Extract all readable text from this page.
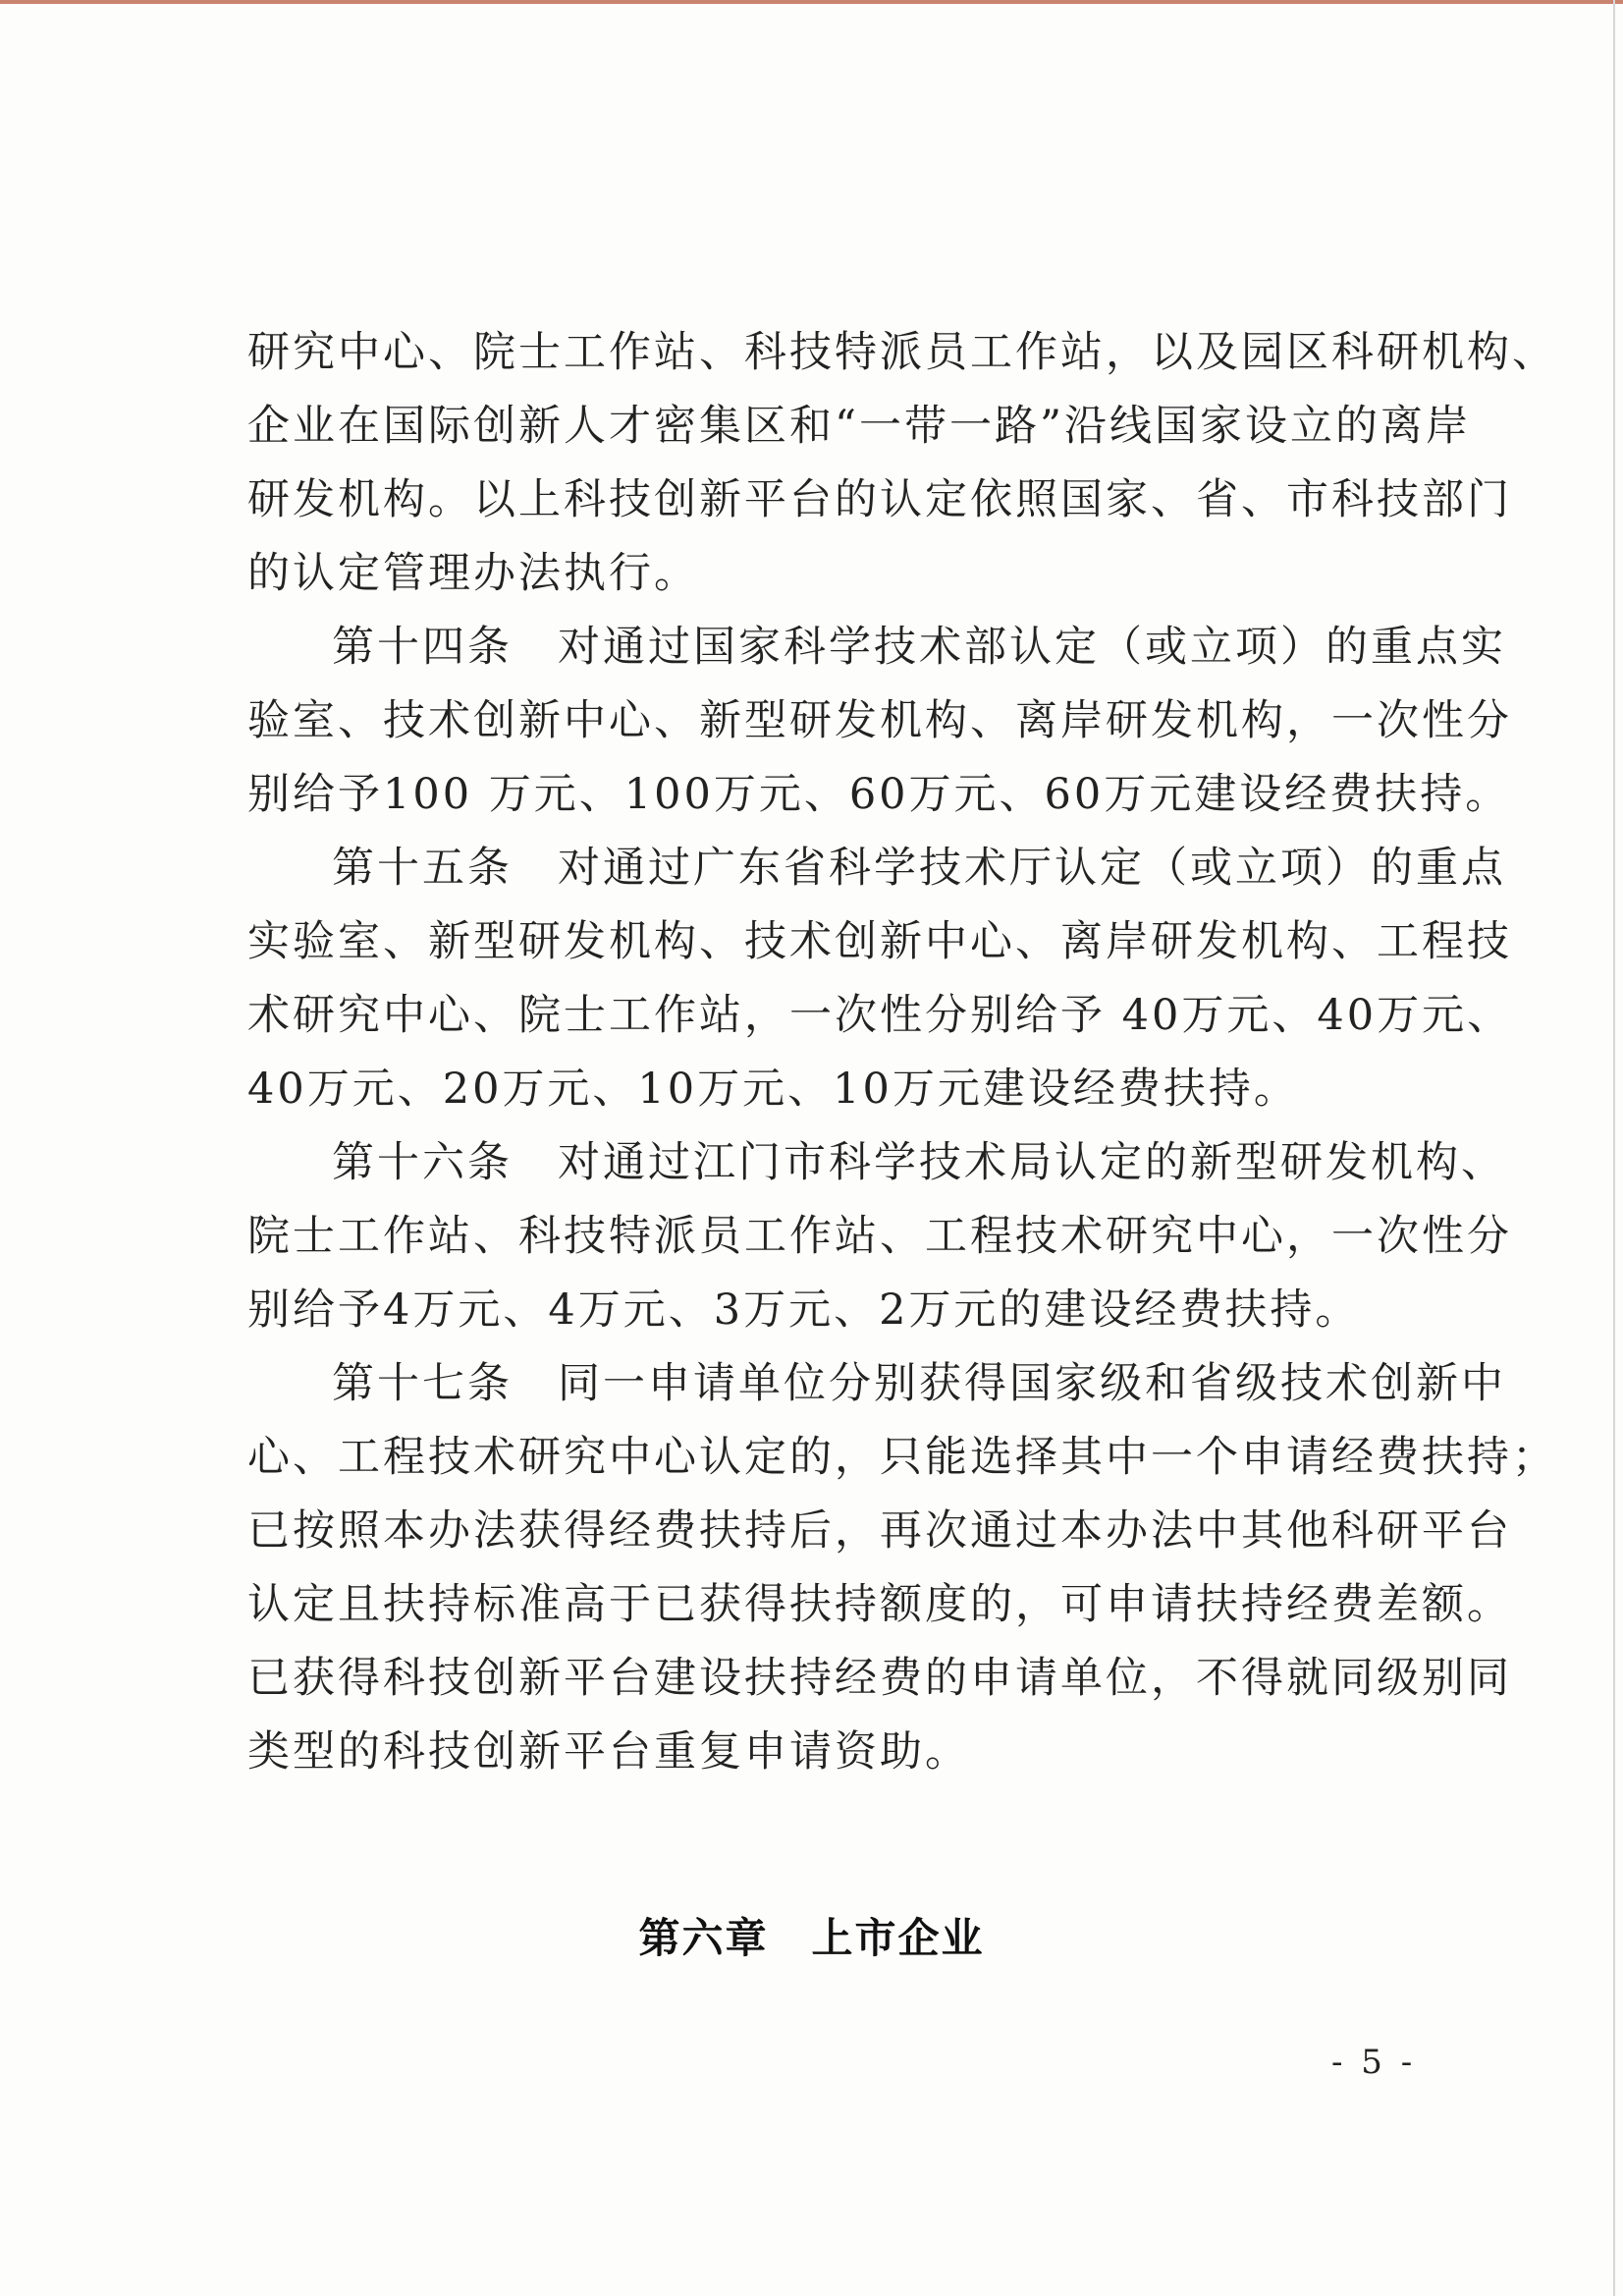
研究中心、院士工作站、科技特派员工作站，以及园区科研机构、
企业在国际创新人才密集区和“一带一路”沿线国家设立的离岸
研发机构。以上科技创新平台的认定依照国家、省、市科技部门
的认定管理办法执行。
第十四条　对通过国家科学技术部认定（或立项）的重点实
验室、技术创新中心、新型研发机构、离岸研发机构，一次性分
别给予100 万元、100万元、60万元、60万元建设经费扶持。
第十五条　对通过广东省科学技术厅认定（或立项）的重点
实验室、新型研发机构、技术创新中心、离岸研发机构、工程技
术研究中心、院士工作站，一次性分别给予 40万元、40万元、
40万元、20万元、10万元、10万元建设经费扶持。
第十六条　对通过江门市科学技术局认定的新型研发机构、
院士工作站、科技特派员工作站、工程技术研究中心，一次性分
别给予4万元、4万元、3万元、2万元的建设经费扶持。
第十七条　同一申请单位分别获得国家级和省级技术创新中
心、工程技术研究中心认定的，只能选择其中一个申请经费扶持；
已按照本办法获得经费扶持后，再次通过本办法中其他科研平台
认定且扶持标准高于已获得扶持额度的，可申请扶持经费差额。
已获得科技创新平台建设扶持经费的申请单位，不得就同级别同
类型的科技创新平台重复申请资助。
第六章　上市企业
- 5 -
